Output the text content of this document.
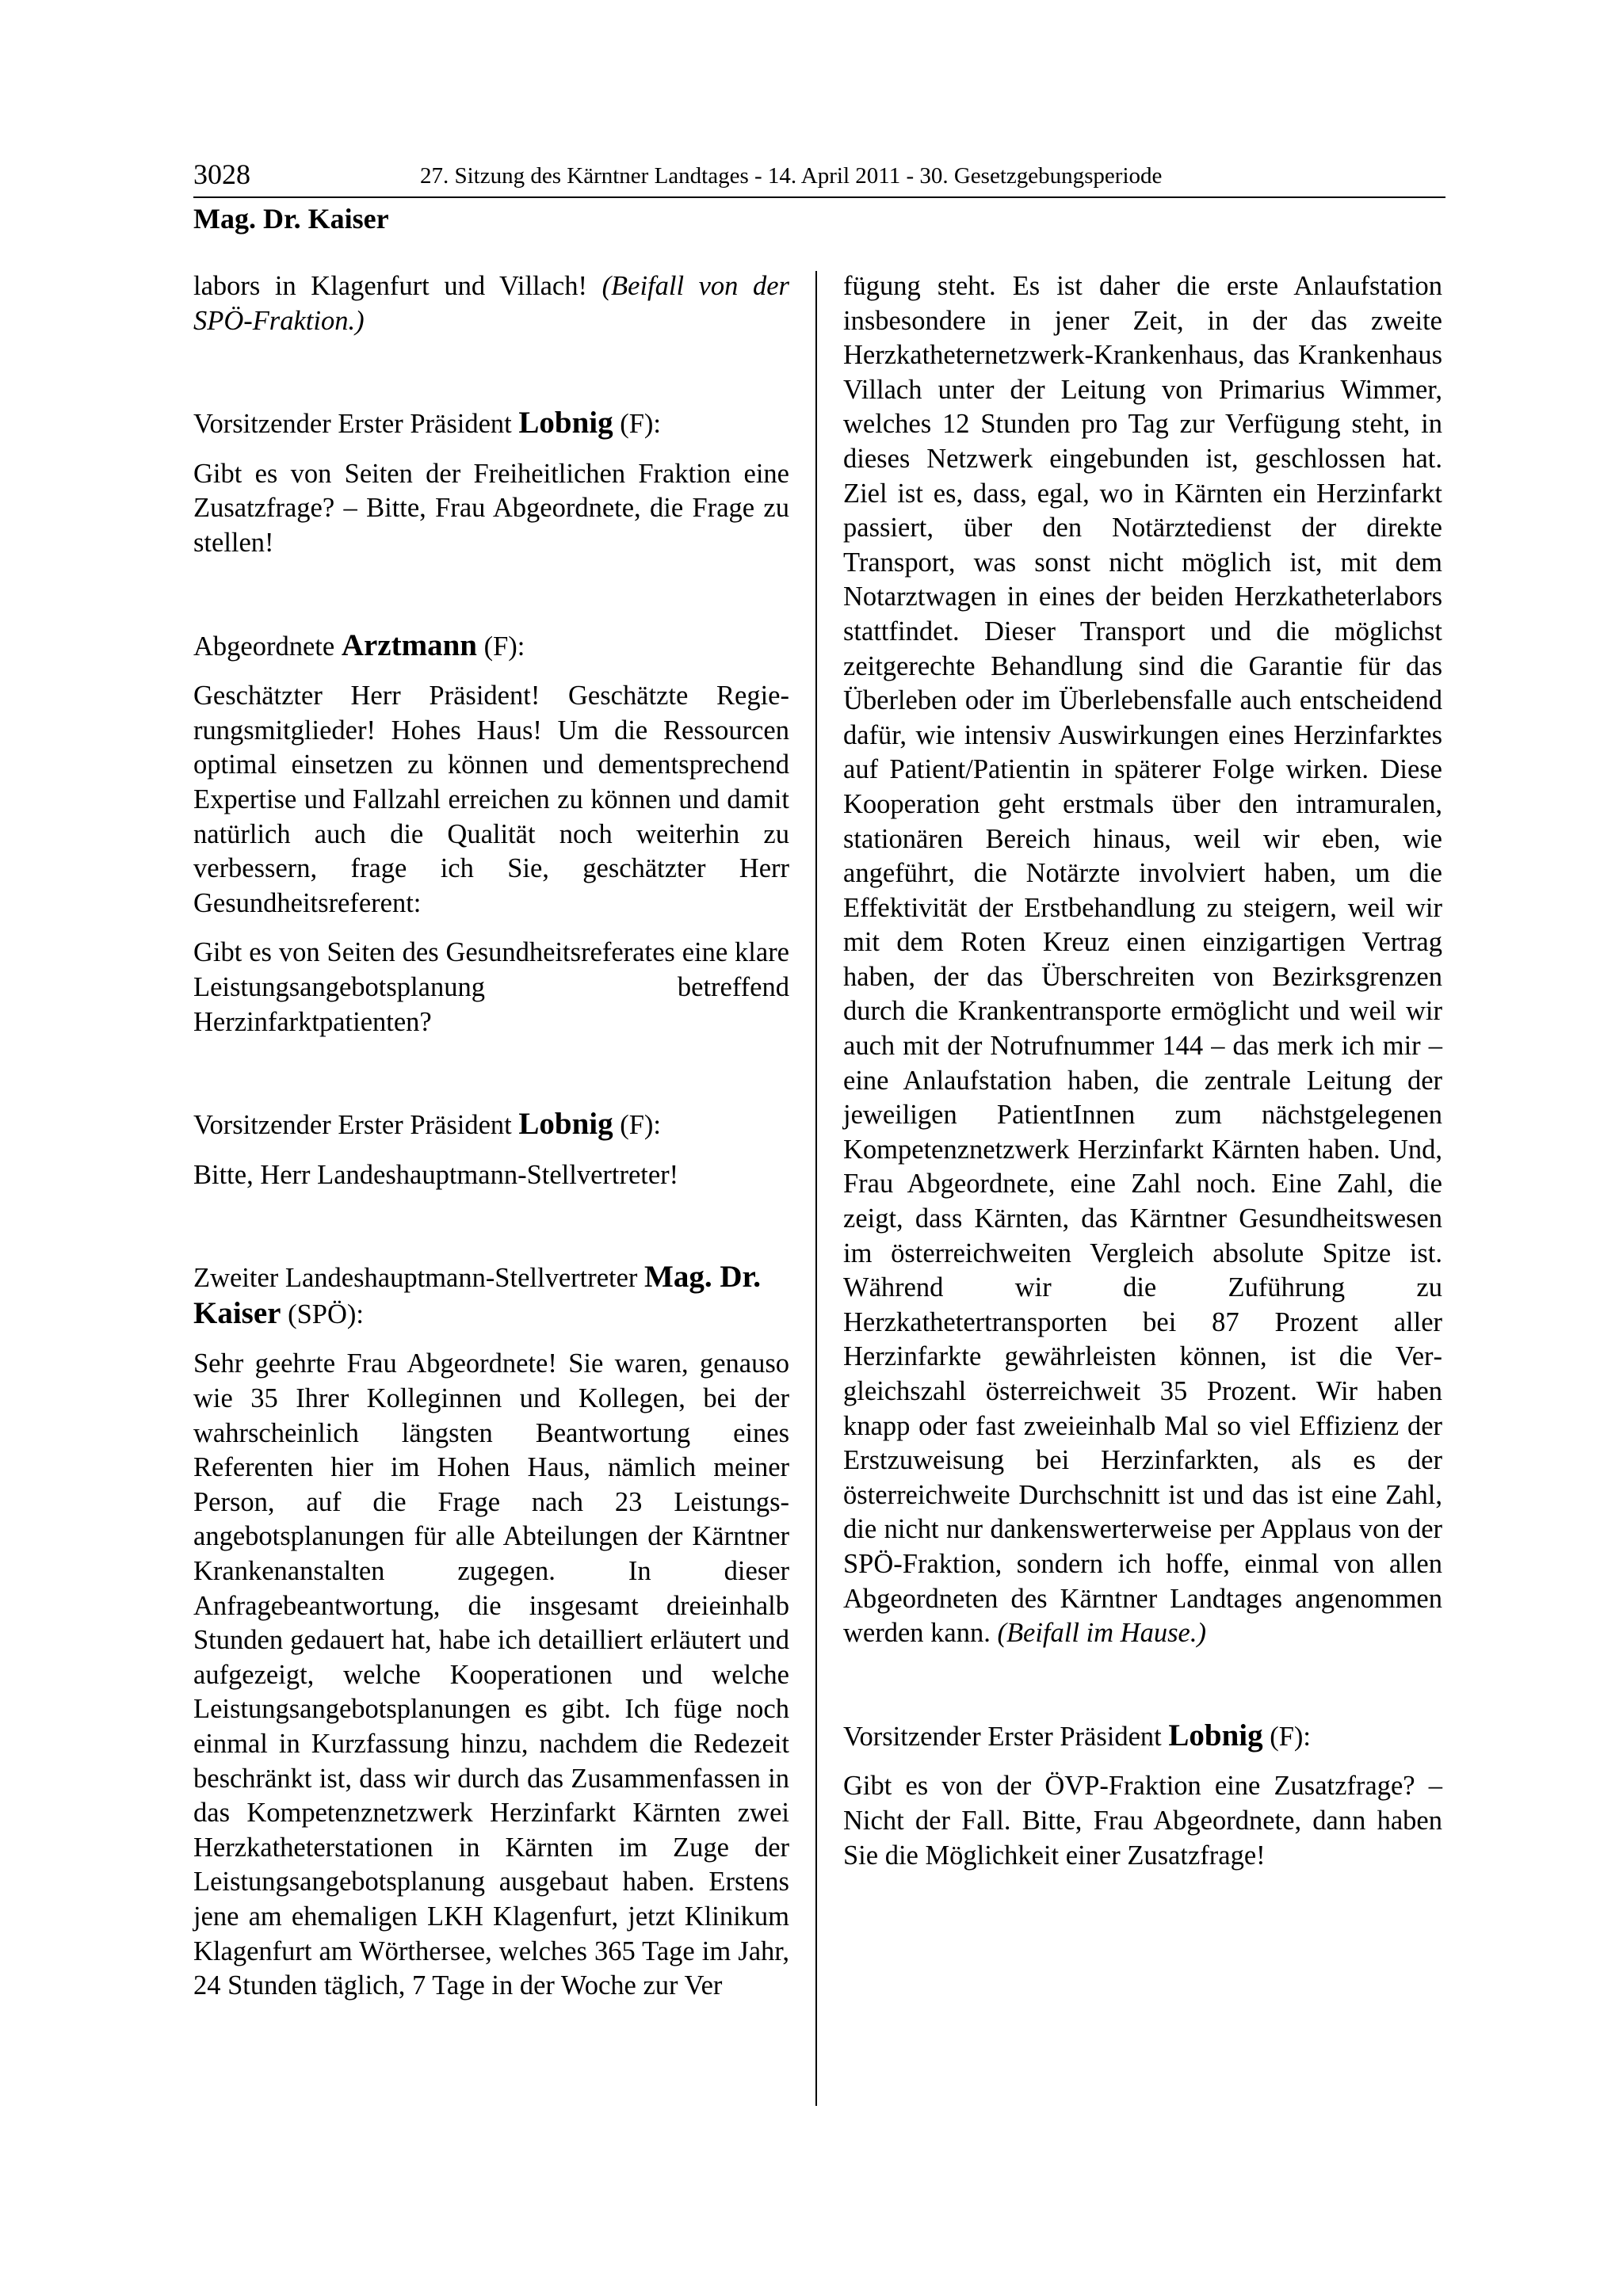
3028	27. Sitzung des Kärntner Landtages - 14. April 2011 - 30. Gesetzgebungsperiode
Mag. Dr. Kaiser

labors in Klagenfurt und Villach! (Beifall von der SPÖ-Fraktion.)

Vorsitzender Erster Präsident Lobnig (F):

Gibt es von Seiten der Freiheitlichen Fraktion eine Zusatzfrage? – Bitte, Frau Abgeordnete, die Frage zu stellen!

Abgeordnete Arztmann (F):

Geschätzter Herr Präsident! Geschätzte Regierungsmitglieder! Hohes Haus! Um die Ressourcen optimal einsetzen zu können und dementsprechend Expertise und Fallzahl erreichen zu können und damit natürlich auch die Qualität noch weiterhin zu verbessern, frage ich Sie, geschätzter Herr Gesundheitsreferent:

Gibt es von Seiten des Gesundheitsreferates eine klare Leistungsangebotsplanung betreffend Herzinfarktpatienten?

Vorsitzender Erster Präsident Lobnig (F):

Bitte, Herr Landeshauptmann-Stellvertreter!

Zweiter Landeshauptmann-Stellvertreter Mag. Dr. Kaiser (SPÖ):

Sehr geehrte Frau Abgeordnete! Sie waren, genauso wie 35 Ihrer Kolleginnen und Kollegen, bei der wahrscheinlich längsten Beantwortung eines Referenten hier im Hohen Haus, nämlich meiner Person, auf die Frage nach 23 Leistungsangebotsplanungen für alle Abteilungen der Kärntner Krankenanstalten zugegen. In dieser Anfragebeantwortung, die insgesamt dreieinhalb Stunden gedauert hat, habe ich detailliert erläutert und aufgezeigt, welche Kooperationen und welche Leistungsangebotsplanungen es gibt. Ich füge noch einmal in Kurzfassung hinzu, nachdem die Redezeit beschränkt ist, dass wir durch das Zusammenfassen in das Kompetenznetzwerk Herzinfarkt Kärnten zwei Herzkatheterstationen in Kärnten im Zuge der Leistungsangebotsplanung ausgebaut haben. Erstens jene am ehemaligen LKH Klagenfurt, jetzt Klinikum Klagenfurt am Wörthersee, welches 365 Tage im Jahr, 24 Stunden täglich, 7 Tage in der Woche zur Ver

fügung steht. Es ist daher die erste Anlaufstation insbesondere in jener Zeit, in der das zweite Herzkatheternetzwerk-Krankenhaus, das Krankenhaus Villach unter der Leitung von Primarius Wimmer, welches 12 Stunden pro Tag zur Verfügung steht, in dieses Netzwerk eingebunden ist, geschlossen hat. Ziel ist es, dass, egal, wo in Kärnten ein Herzinfarkt passiert, über den Notärztedienst der direkte Transport, was sonst nicht möglich ist, mit dem Notarztwagen in eines der beiden Herzkatheterlabors stattfindet. Dieser Transport und die möglichst zeitgerechte Behandlung sind die Garantie für das Überleben oder im Überlebensfalle auch entscheidend dafür, wie intensiv Auswirkungen eines Herzinfarktes auf Patient/Patientin in späterer Folge wirken. Diese Kooperation geht erstmals über den intramuralen, stationären Bereich hinaus, weil wir eben, wie angeführt, die Notärzte involviert haben, um die Effektivität der Erstbehandlung zu steigern, weil wir mit dem Roten Kreuz einen einzigartigen Vertrag haben, der das Überschreiten von Bezirksgrenzen durch die Krankentransporte ermöglicht und weil wir auch mit der Notrufnummer 144 – das merk ich mir – eine Anlaufstation haben, die zentrale Leitung der jeweiligen PatientInnen zum nächstgelegenen Kompetenznetzwerk Herzinfarkt Kärnten haben. Und, Frau Abgeordnete, eine Zahl noch. Eine Zahl, die zeigt, dass Kärnten, das Kärntner Gesundheitswesen im österreichweiten Vergleich absolute Spitze ist. Während wir die Zuführung zu Herzkathetertransporten bei 87 Prozent aller Herzinfarkte gewährleisten können, ist die Vergleichszahl österreichweit 35 Prozent. Wir haben knapp oder fast zweieinhalb Mal so viel Effizienz der Erstzuweisung bei Herzinfarkten, als es der österreichweite Durchschnitt ist und das ist eine Zahl, die nicht nur dankenswerterweise per Applaus von der SPÖ-Fraktion, sondern ich hoffe, einmal von allen Abgeordneten des Kärntner Landtages angenommen werden kann. (Beifall im Hause.)

Vorsitzender Erster Präsident Lobnig (F):

Gibt es von der ÖVP-Fraktion eine Zusatzfrage? – Nicht der Fall. Bitte, Frau Abgeordnete, dann haben Sie die Möglichkeit einer Zusatzfrage!
